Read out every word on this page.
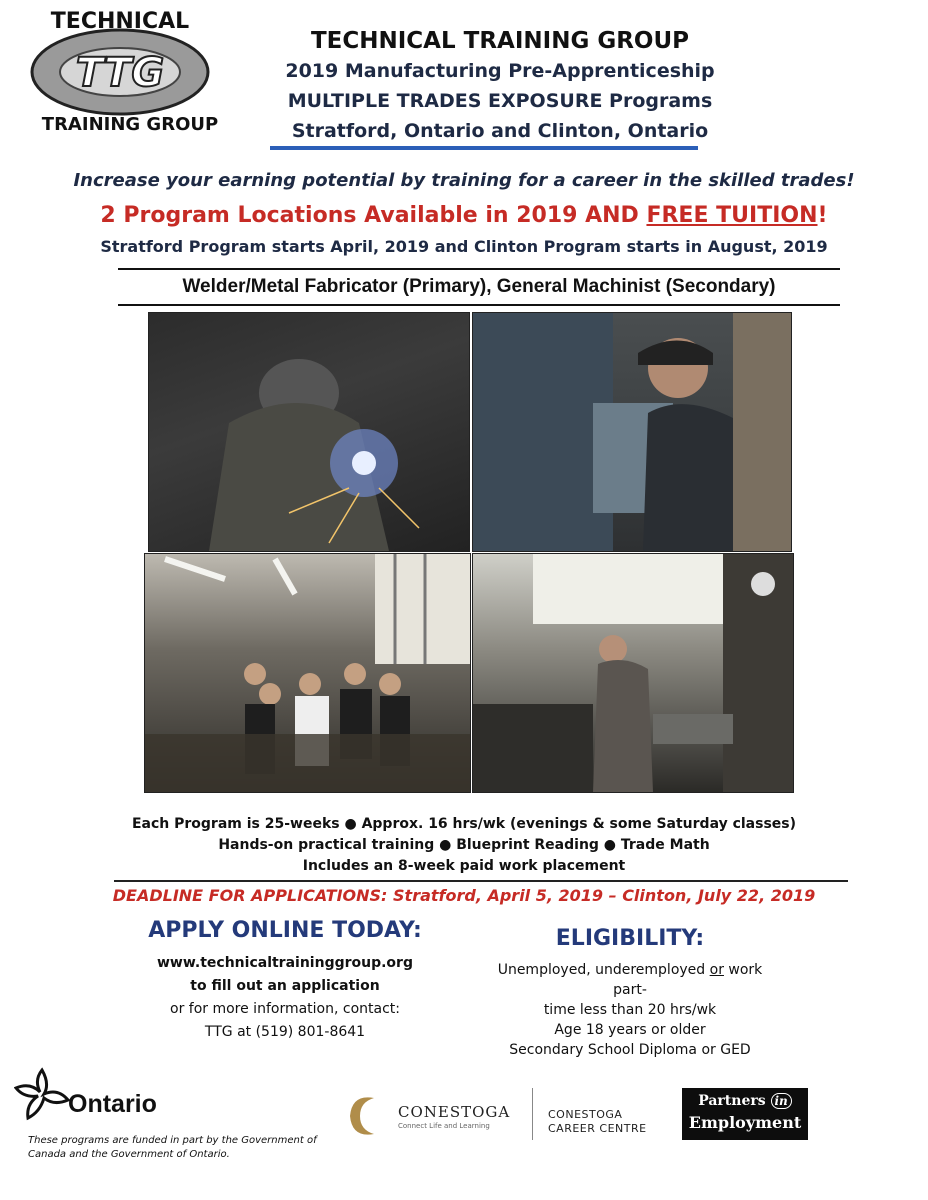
TTG
TECHNICAL
TRAINING GROUP
TECHNICAL TRAINING GROUP
2019 Manufacturing Pre-Apprenticeship
MULTIPLE TRADES EXPOSURE Programs
Stratford, Ontario and Clinton, Ontario
Increase your earning potential by training for a career in the skilled trades!
2 Program Locations Available in 2019 AND FREE TUITION!
Stratford Program starts April, 2019 and Clinton Program starts in August, 2019
Welder/Metal Fabricator (Primary), General Machinist (Secondary)
Each Program is 25-weeks ● Approx. 16 hrs/wk (evenings & some Saturday classes)
Hands-on practical training ● Blueprint Reading ● Trade Math
Includes an 8-week paid work placement
DEADLINE FOR APPLICATIONS: Stratford, April 5, 2019 – Clinton, July 22, 2019
APPLY ONLINE TODAY:
www.technicaltraininggroup.org
to fill out an application
or for more information, contact:
TTG at (519) 801-8641
ELIGIBILITY:
Unemployed, underemployed or work part-
time less than 20 hrs/wk
Age 18 years or older
Secondary School Diploma or GED
Ontario
These programs are funded in part by the Government of Canada and the Government of Ontario.
CONESTOGA
Connect Life and Learning
CONESTOGA
CAREER CENTRE
Partners in
Employment
